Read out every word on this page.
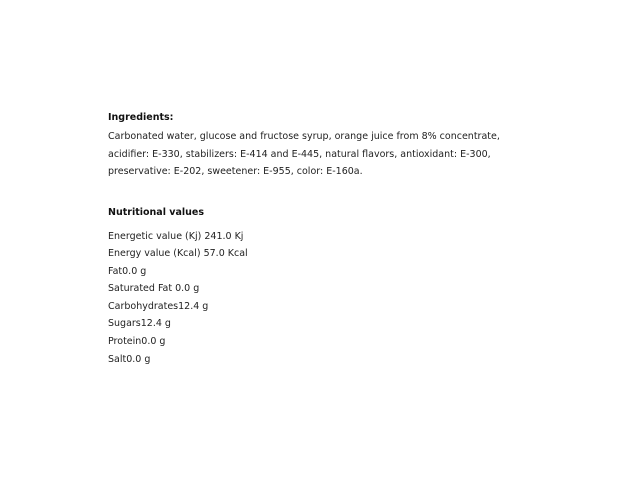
Ingredients:

Carbonated water, glucose and fructose syrup, orange juice from 8% concentrate, acidifier: E-330, stabilizers: E-414 and E-445, natural flavors, antioxidant: E-300, preservative: E-202, sweetener: E-955, color: E-160a.

Nutritional values
Energetic value (Kj) 241.0 Kj
Energy value (Kcal) 57.0 Kcal
Fat0.0 g
Saturated Fat 0.0 g
Carbohydrates12.4 g
Sugars12.4 g
Protein0.0 g
Salt0.0 g
